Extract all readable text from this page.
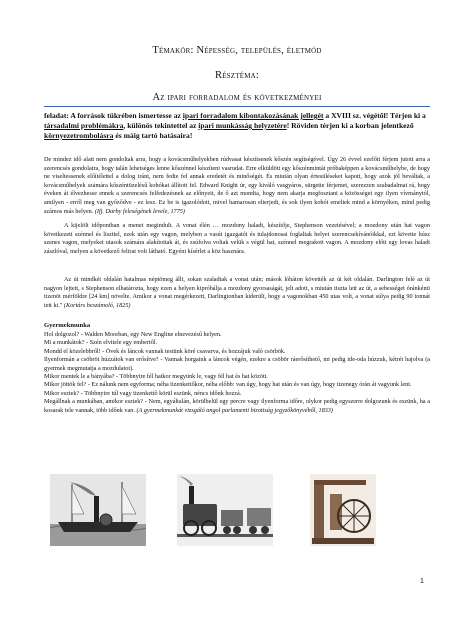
Témakör: Népesség, település, életmód
Résztéma:
Az ipari forradalom és következményei
feladat: A források tükrében ismertesse az ipari forradalom kibontakozásának jellegét a XVIII sz. végétől! Térjen ki a társadalmi problémákra, különös tekintettel az ipari munkásság helyzetére! Röviden térjen ki a korban jelentkező környezetrombolásra és máig tartó hatásaira!
De mindez idő alatt nem gondoltak arra, hogy a kovácsműhelyekben rúdvasat készítsenek kőszén segítségével. Úgy 26 évvel ezelőtt férjem jutott arra a szerencsés gondolatra, hogy talán lehetséges lenne kőszénnel készíteni vasrudat. Erre elküldött egy kőszénmintát próbaképpen a kovácsműhelybe, de hogy ne viseltessenek előítélettel a dolog iránt, nem fedte fel annak eredetét és minőségét. És miután olyan értesüléseket kapott, hogy azok jól beváltak, a kovácsműhelyek számára kőszéntüzelésű kohókat állított fel. Edward Knight úr, egy kiváló vasgyáros, sürgette férjemet, szerezzen szabadalmat rá, hogy éveken át élvezhesse ennek a szerencsés felfedezésnek az előnyeit, de ő azt mondta, hogy nem akarja megfosztani a közösséget egy ilyen vívmánytól, amilyen - erről meg van győződve - ez lesz. Ez be is igazolódott, mivel hamarosan elterjedt, és sok ilyen kohót emeltek mind a környéken, mind pedig számos más helyen. (Ifj. Darby feleségének levele, 1775)
A kijelölt időpontban a menet megindult. A vonat élén … mozdony haladt, készítője, Stephenson vezetésével; a mozdony után hat vagon következett szénnel és liszttel, ezek után egy vagon, melyben a vasút igazgatói és tulajdonosai foglaltak helyet szerencsekívánóikkal, ezt követte húsz szenes vagon, melyeket utasok számára alakítottak át, és zsúfolva voltak velük s végül hat, szénnel megrakott vagon. A mozdony előtt egy lovas haladt zászlóval, melyen a következő felirat volt látható. Egyéni kísérlet a köz hasznára.
Az út mindkét oldalán hatalmas néptömeg állt, sokan szaladtak a vonat után; mások lóháton követték az út két oldalán. Darlington felé az út nagyon lejtett, s Stephenson elhatározta, hogy ezen a helyen kipróbálja a mozdony gyorsaságát, jelt adott, s miután tiszta lett az út, a sebességet óránkénti tizenöt mérföldre [24 km] növelte. Amikor a vonat megérkezett, Darlingtonban kiderült, hogy a vagonokban 450 utas volt, a vonat súlya pedig 90 tonnát tett ki." (Kortárs beszámoló, 1825)
Gyermekmunka
Hol dolgozol? - Walden Moorban, egy New Engline elnevezésű helyen.
Mi a munkátok? - Szén elvitele egy embertől.
Mondd el közelebbről! - Övek és láncok vannak testünk köré csavarva, és hozzájuk való csörbök.
Ilyenformán a csöbröt húzzátok van erősítve? - Vannak horgaink a láncok végén, ezekre a csöbör ráerősíthető, mi pedig ide-oda húzzuk, kétrét hajolva (a gyermek megmutatja a mozdulatot).
Mikor mentek le a bányába? - Többnyire fél hatkor megyünk le, vagy fél hat és hat között.
Mikor jöttök fel? - Ez nálunk nem egyforma; néha tizenkettőkor, néha előbb: van úgy, hogy hat után és van úgy, hogy tizenegy órán át vagyunk lent.
Mikor esztek? - Többnyire túl vagy tizenkettő körül eszünk, néncs időnk hozzá.
Megállnak a munkában, amikor esztek? - Nem, egyáltalán, körülbelül egy percre vagy ilyenforma időre, olykor pedig egyszerre dolgozunk és eszünk, ha a kosarak tele vannak, több időnk van. (A gyermekmunkát vizsgáló angol parlamenti bizottság jegyzőkönyvéből, 1833)
1
